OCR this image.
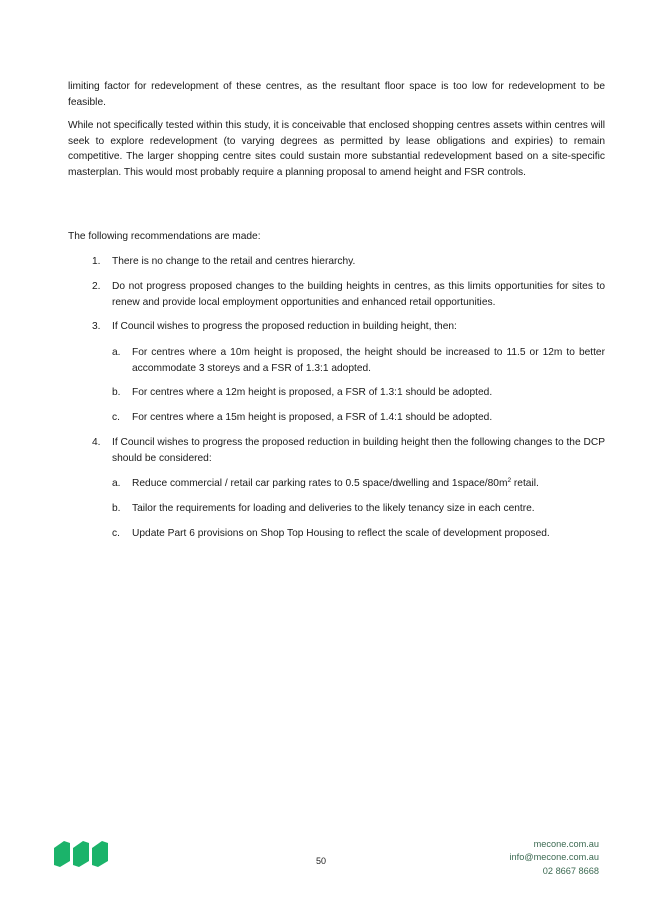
limiting factor for redevelopment of these centres, as the resultant floor space is too low for redevelopment to be feasible.

While not specifically tested within this study, it is conceivable that enclosed shopping centres assets within centres will seek to explore redevelopment (to varying degrees as permitted by lease obligations and expiries) to remain competitive. The larger shopping centre sites could sustain more substantial redevelopment based on a site-specific masterplan. This would most probably require a planning proposal to amend height and FSR controls.

The following recommendations are made:

1. There is no change to the retail and centres hierarchy.

2. Do not progress proposed changes to the building heights in centres, as this limits opportunities for sites to renew and provide local employment opportunities and enhanced retail opportunities.

3. If Council wishes to progress the proposed reduction in building height, then:

a. For centres where a 10m height is proposed, the height should be increased to 11.5 or 12m to better accommodate 3 storeys and a FSR of 1.3:1 adopted.

b. For centres where a 12m height is proposed, a FSR of 1.3:1 should be adopted.

c. For centres where a 15m height is proposed, a FSR of 1.4:1 should be adopted.

4. If Council wishes to progress the proposed reduction in building height then the following changes to the DCP should be considered:

a. Reduce commercial / retail car parking rates to 0.5 space/dwelling and $1space/80m^2$ retail.

b. Tailor the requirements for loading and deliveries to the likely tenancy size in each centre.

c. Update Part 6 provisions on Shop Top Housing to reflect the scale of development proposed.

50
mecone.com.au
info@mecone.com.au
02 8667 8668
